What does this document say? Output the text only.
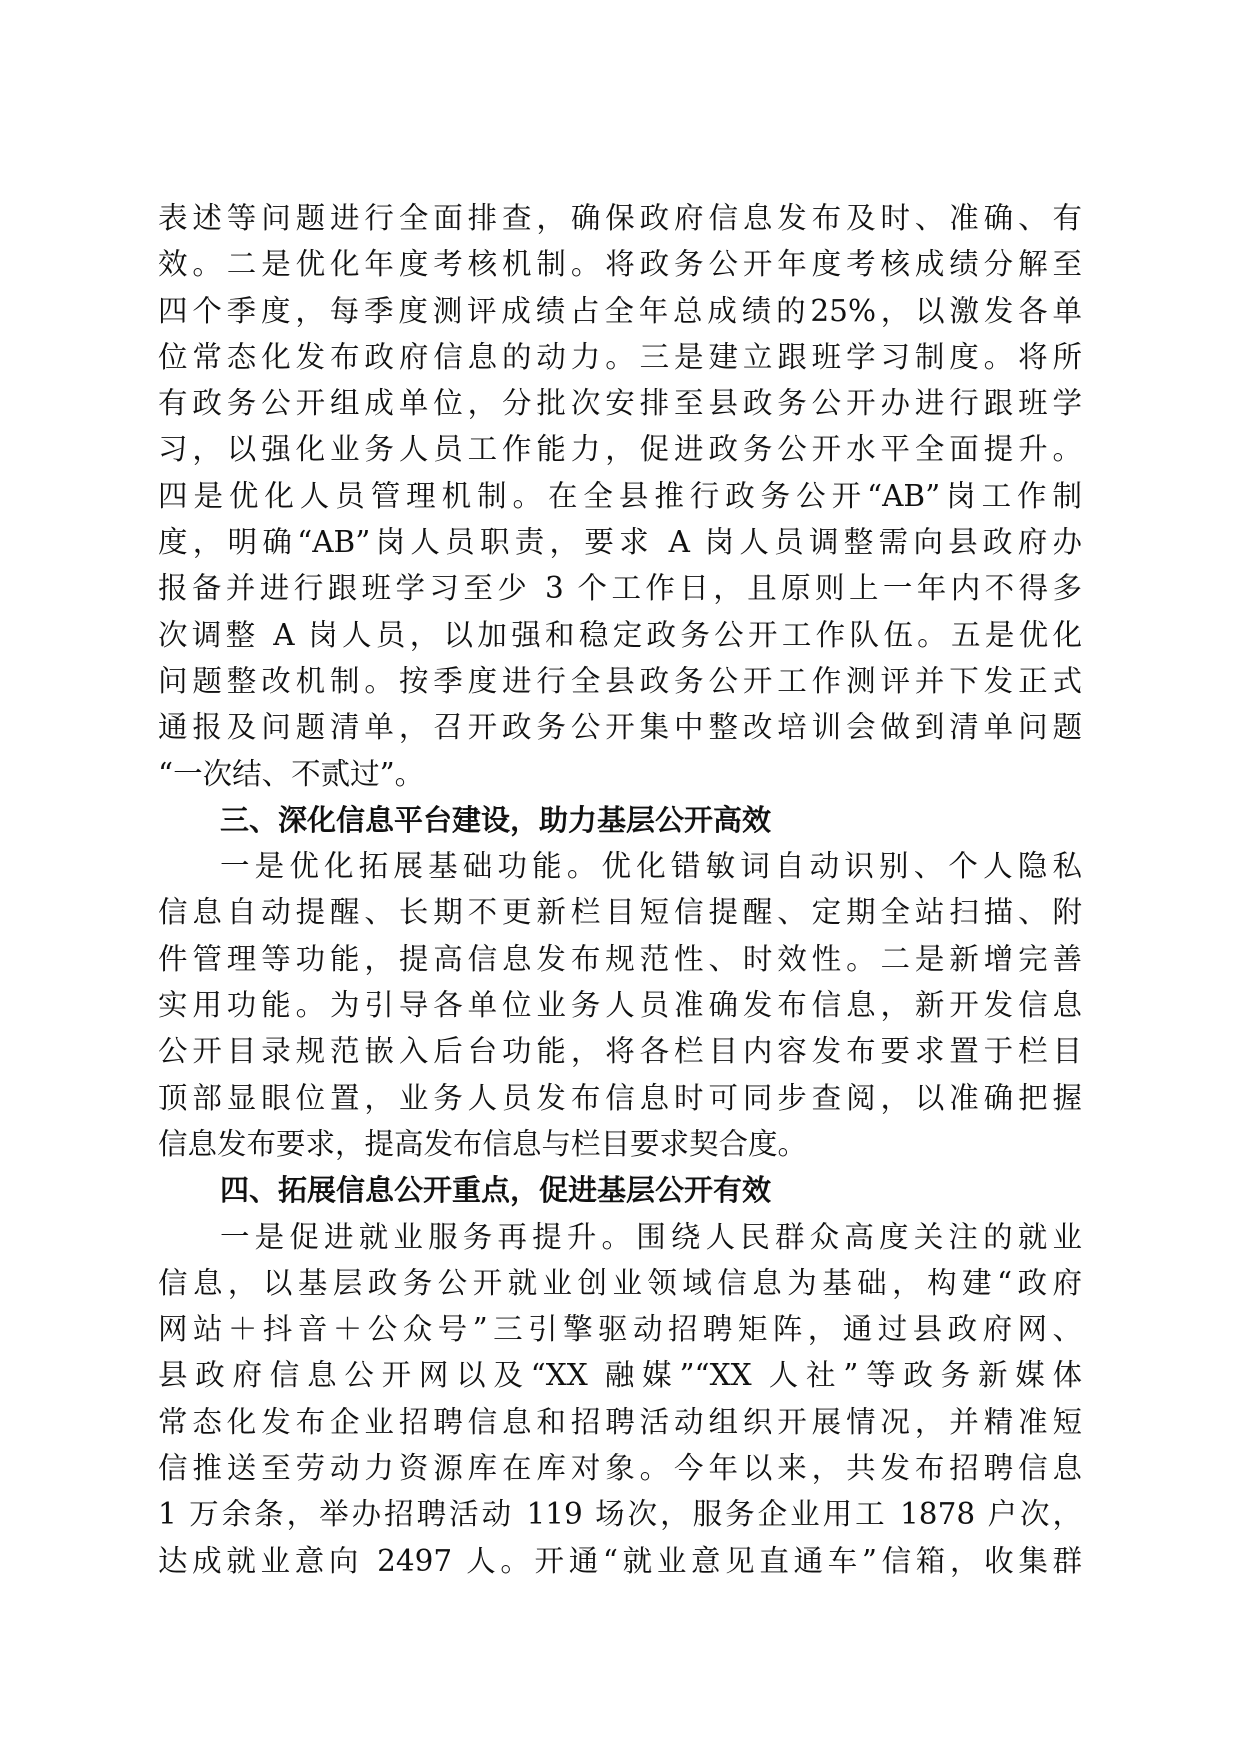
表述等问题进行全面排查，确保政府信息发布及时、准确、有
效。二是优化年度考核机制。将政务公开年度考核成绩分解至
四个季度，每季度测评成绩占全年总成绩的25%，以激发各单
位常态化发布政府信息的动力。三是建立跟班学习制度。将所
有政务公开组成单位，分批次安排至县政务公开办进行跟班学
习，以强化业务人员工作能力，促进政务公开水平全面提升。
四是优化人员管理机制。在全县推行政务公开“AB”岗工作制
度，明确“AB”岗人员职责，要求 A 岗人员调整需向县政府办
报备并进行跟班学习至少 3 个工作日，且原则上一年内不得多
次调整 A 岗人员，以加强和稳定政务公开工作队伍。五是优化
问题整改机制。按季度进行全县政务公开工作测评并下发正式
通报及问题清单，召开政务公开集中整改培训会做到清单问题
“一次结、不贰过”。
三、深化信息平台建设，助力基层公开高效
一是优化拓展基础功能。优化错敏词自动识别、个人隐私
信息自动提醒、长期不更新栏目短信提醒、定期全站扫描、附
件管理等功能，提高信息发布规范性、时效性。二是新增完善
实用功能。为引导各单位业务人员准确发布信息，新开发信息
公开目录规范嵌入后台功能，将各栏目内容发布要求置于栏目
顶部显眼位置，业务人员发布信息时可同步查阅，以准确把握
信息发布要求，提高发布信息与栏目要求契合度。
四、拓展信息公开重点，促进基层公开有效
一是促进就业服务再提升。围绕人民群众高度关注的就业
信息，以基层政务公开就业创业领域信息为基础，构建“政府
网站＋抖音＋公众号”三引擎驱动招聘矩阵，通过县政府网、
县政府信息公开网以及“XX 融媒”“XX 人社”等政务新媒体
常态化发布企业招聘信息和招聘活动组织开展情况，并精准短
信推送至劳动力资源库在库对象。今年以来，共发布招聘信息
1 万余条，举办招聘活动 119 场次，服务企业用工 1878 户次，
达成就业意向 2497 人。开通“就业意见直通车”信箱，收集群
